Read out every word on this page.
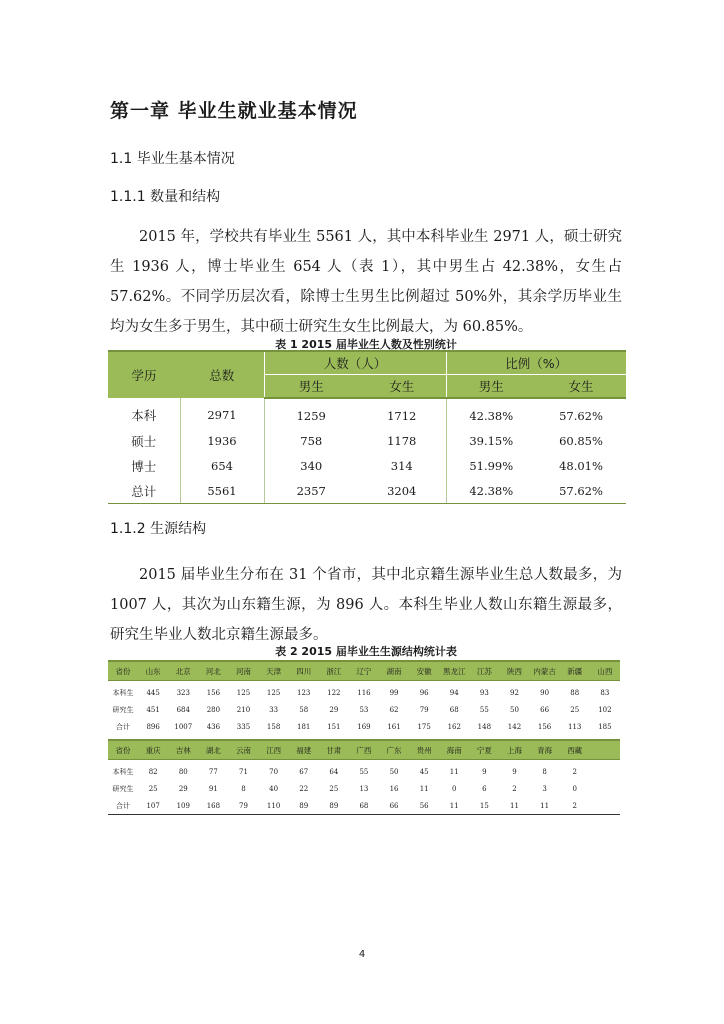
第一章 毕业生就业基本情况
1.1 毕业生基本情况
1.1.1 数量和结构

2015 年，学校共有毕业生 5561 人，其中本科毕业生 2971 人，硕士研究生 1936 人，博士毕业生 654 人（表 1），其中男生占 42.38%，女生占 57.62%。不同学历层次看，除博士生男生比例超过 50%外，其余学历毕业生均为女生多于男生，其中硕士研究生女生比例最大，为 60.85%。

表 1 2015 届毕业生人数及性别统计
学历	总数	人数（人）		比例（%）	
		男生	女生	男生	女生
本科	2971	1259	1712	42.38%	57.62%
硕士	1936	758	1178	39.15%	60.85%
博士	654	340	314	51.99%	48.01%
总计	5561	2357	3204	42.38%	57.62%
1.1.2 生源结构

2015 届毕业生分布在 31 个省市，其中北京籍生源毕业生总人数最多，为 1007 人，其次为山东籍生源，为 896 人。本科生毕业人数山东籍生源最多，研究生毕业人数北京籍生源最多。

表 2 2015 届毕业生生源结构统计表
省份	山东	北京	河北	河南	天津	四川	浙江	辽宁	湖南	安徽	黑龙江	江苏	陕西	内蒙古	新疆	山西
本科生	445	323	156	125	125	123	122	116	99	96	94	93	92	90	88	83
研究生	451	684	280	210	33	58	29	53	62	79	68	55	50	66	25	102
合计	896	1007	436	335	158	181	151	169	161	175	162	148	142	156	113	185
省份	重庆	吉林	湖北	云南	江西	福建	甘肃	广西	广东	贵州	海南	宁夏	上海	青海	西藏	
本科生	82	80	77	71	70	67	64	55	50	45	11	9	9	8	2	
研究生	25	29	91	8	40	22	25	13	16	11	0	6	2	3	0	
合计	107	109	168	79	110	89	89	68	66	56	11	15	11	11	2	
4
